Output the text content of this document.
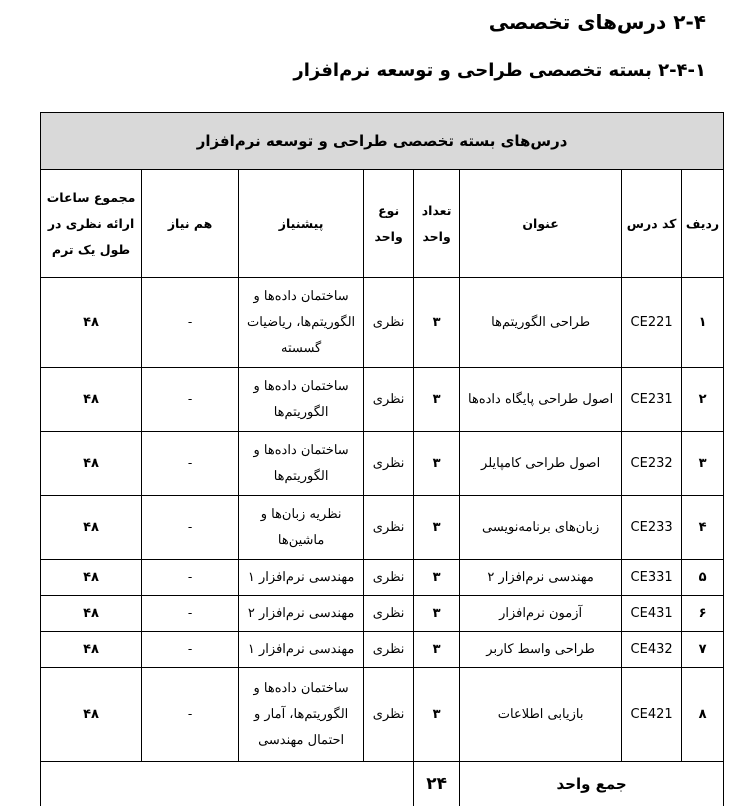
۲-۴ درس‌های تخصصی
۲-۴-۱ بسته تخصصی طراحی و توسعه نرم‌افزار
درس‌های بسته تخصصی طراحی و توسعه نرم‌افزار							
ردیف	کد درس	عنوان	تعداد واحد	نوع واحد	پیشنیاز	هم نیاز	مجموع ساعات ارائه نظری در طول یک ترم
۱	CE221	طراحی الگوریتم‌ها	۳	نظری	ساختمان داده‌ها و الگوریتم‌ها، ریاضیات گسسته	-	۴۸
۲	CE231	اصول طراحی پایگاه داده‌ها	۳	نظری	ساختمان داده‌ها و الگوریتم‌ها	-	۴۸
۳	CE232	اصول طراحی کامپایلر	۳	نظری	ساختمان داده‌ها و الگوریتم‌ها	-	۴۸
۴	CE233	زبان‌های برنامه‌نویسی	۳	نظری	نظریه زبان‌ها و ماشین‌ها	-	۴۸
۵	CE331	مهندسی نرم‌افزار ۲	۳	نظری	مهندسی نرم‌افزار ۱	-	۴۸
۶	CE431	آزمون نرم‌افزار	۳	نظری	مهندسی نرم‌افزار ۲	-	۴۸
۷	CE432	طراحی واسط کاربر	۳	نظری	مهندسی نرم‌افزار ۱	-	۴۸
۸	CE421	بازیابی اطلاعات	۳	نظری	ساختمان داده‌ها و الگوریتم‌ها، آمار و احتمال مهندسی	-	۴۸
جمع واحد			۲۴				
